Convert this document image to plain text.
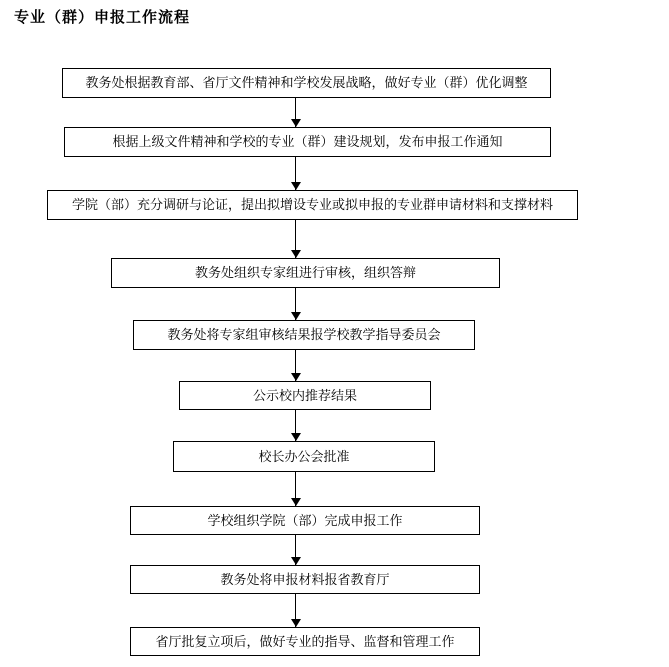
专业（群）申报工作流程
教务处根据教育部、省厅文件精神和学校发展战略，做好专业（群）优化调整
根据上级文件精神和学校的专业（群）建设规划，发布申报工作通知
学院（部）充分调研与论证，提出拟增设专业或拟申报的专业群申请材料和支撑材料
教务处组织专家组进行审核，组织答辩
教务处将专家组审核结果报学校教学指导委员会
公示校内推荐结果
校长办公会批准
学校组织学院（部）完成申报工作
教务处将申报材料报省教育厅
省厅批复立项后，做好专业的指导、监督和管理工作
